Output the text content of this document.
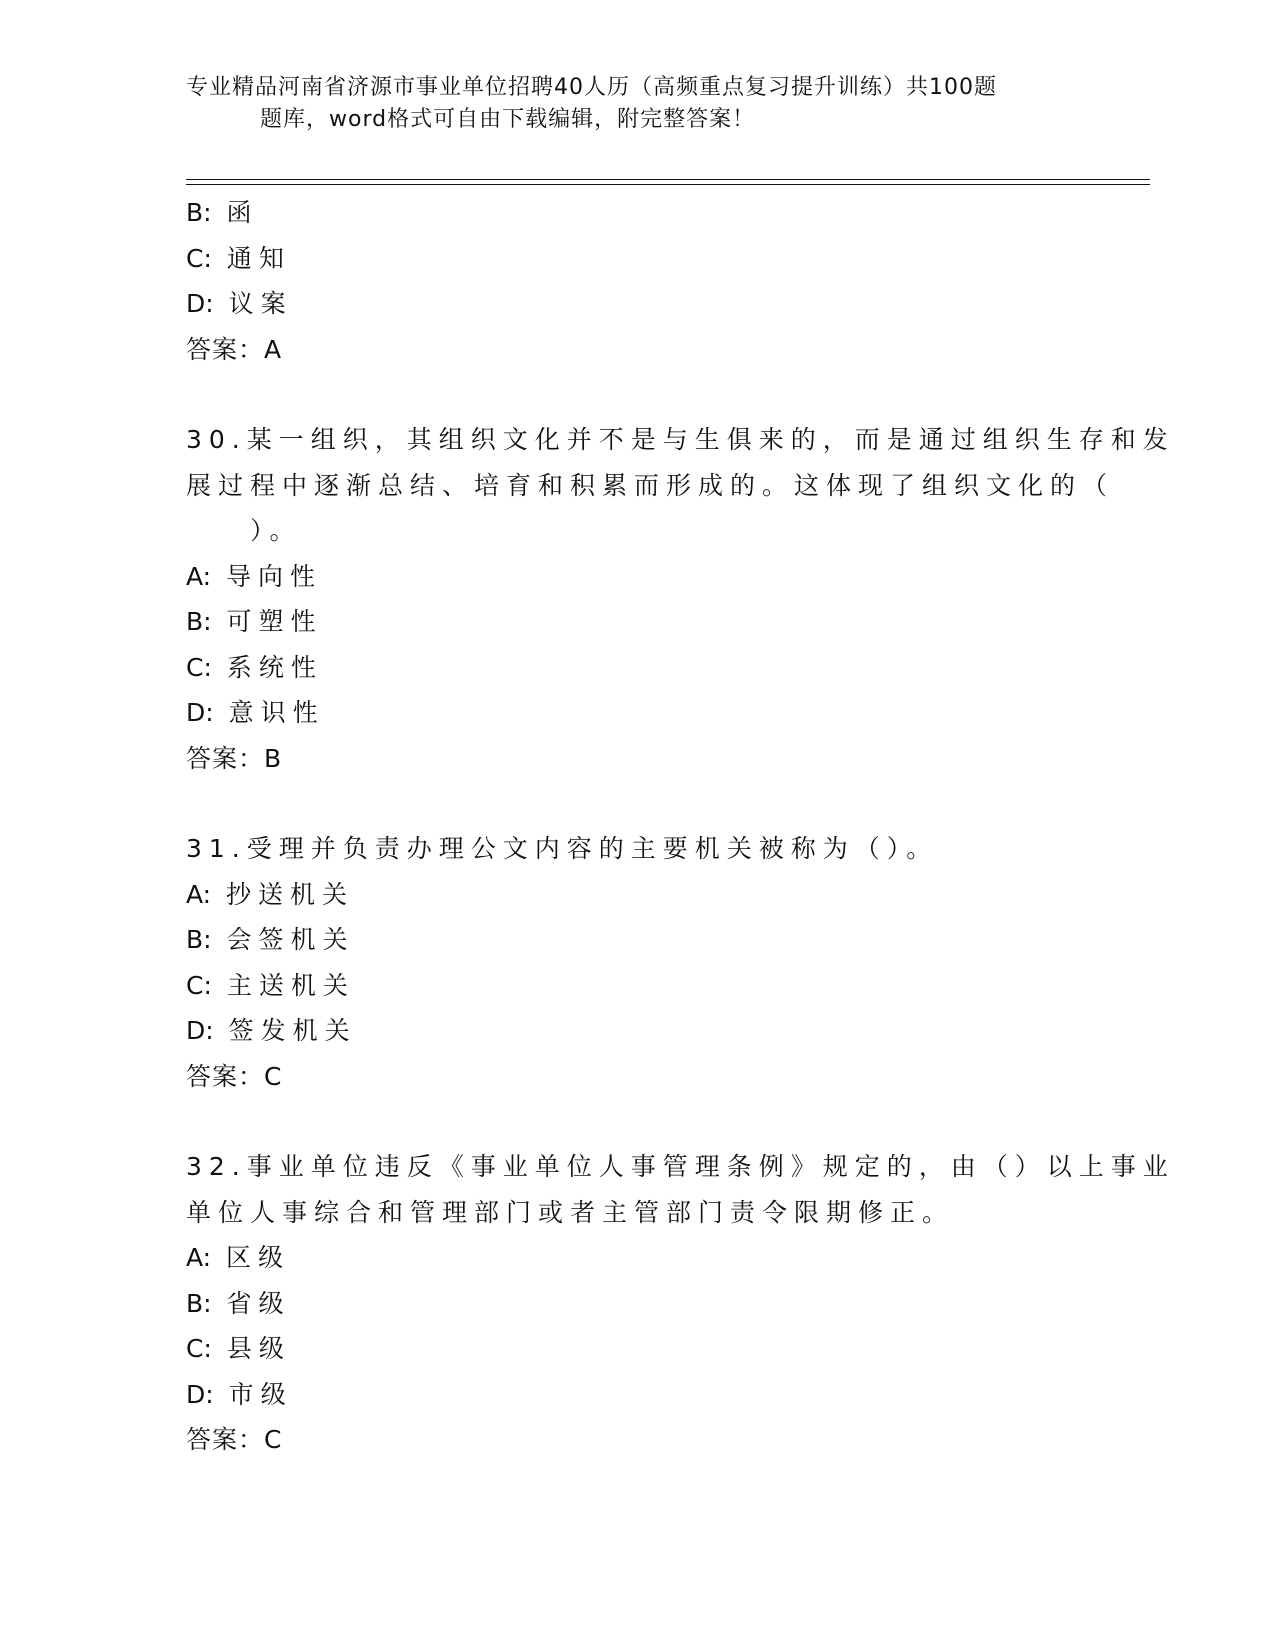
专业精品河南省济源市事业单位招聘40人历（高频重点复习提升训练）共100题
题库，word格式可自由下载编辑，附完整答案！
B: 函
C: 通知
D: 议案
答案：A
30.某一组织，其组织文化并不是与生俱来的，而是通过组织生存和发
展过程中逐渐总结、培育和积累而形成的。这体现了组织文化的（
　　）。
A: 导向性
B: 可塑性
C: 系统性
D: 意识性
答案：B
31.受理并负责办理公文内容的主要机关被称为（）。
A: 抄送机关
B: 会签机关
C: 主送机关
D: 签发机关
答案：C
32.事业单位违反《事业单位人事管理条例》规定的，由（）以上事业
单位人事综合和管理部门或者主管部门责令限期修正。
A: 区级
B: 省级
C: 县级
D: 市级
答案：C
